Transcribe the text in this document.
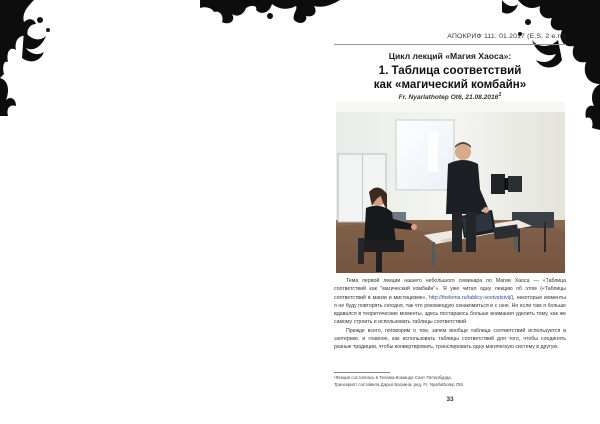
АПОКРИФ 111: 01.2017 (E.S. 2 e.n.)
Цикл лекций «Магия Хаоса»:
1. Таблица соответствий
как «магический комбайн»
Fr. Nyarlathotep Ot6, 21.08.2016$^1$

Тема первой лекции нашего небольшого семинара по Магии Хаоса — «Таблица соответствий как "магический комбайн"». Я уже читал одну лекцию об этом («Таблицы соответствий в магии и мистицизме», http://thelema.ru/tablicy-sootvetstvij/), некоторые моменты я не буду повторять сегодня, так что рекомендую ознакомиться и с нею. Но если там я больше вдавался в теоретические моменты, здесь постараюсь больше внимания уделить тому, как же самому строить и использовать таблицы соответствий.

Прежде всего, поговорим о том, зачем вообще таблица соответствий используется в эзотерике, и главное, как использовать таблицы соответствий для того, чтобы соединять разные традиции, чтобы конвертировать, транслировать одну магическую систему в другую.

¹Лекция состоялась в Телема-Команде Сант-Петербурда.
Транскрипт составила Дарья Баскина, ред. Fr. Nyarlathotep Ot6.
33
